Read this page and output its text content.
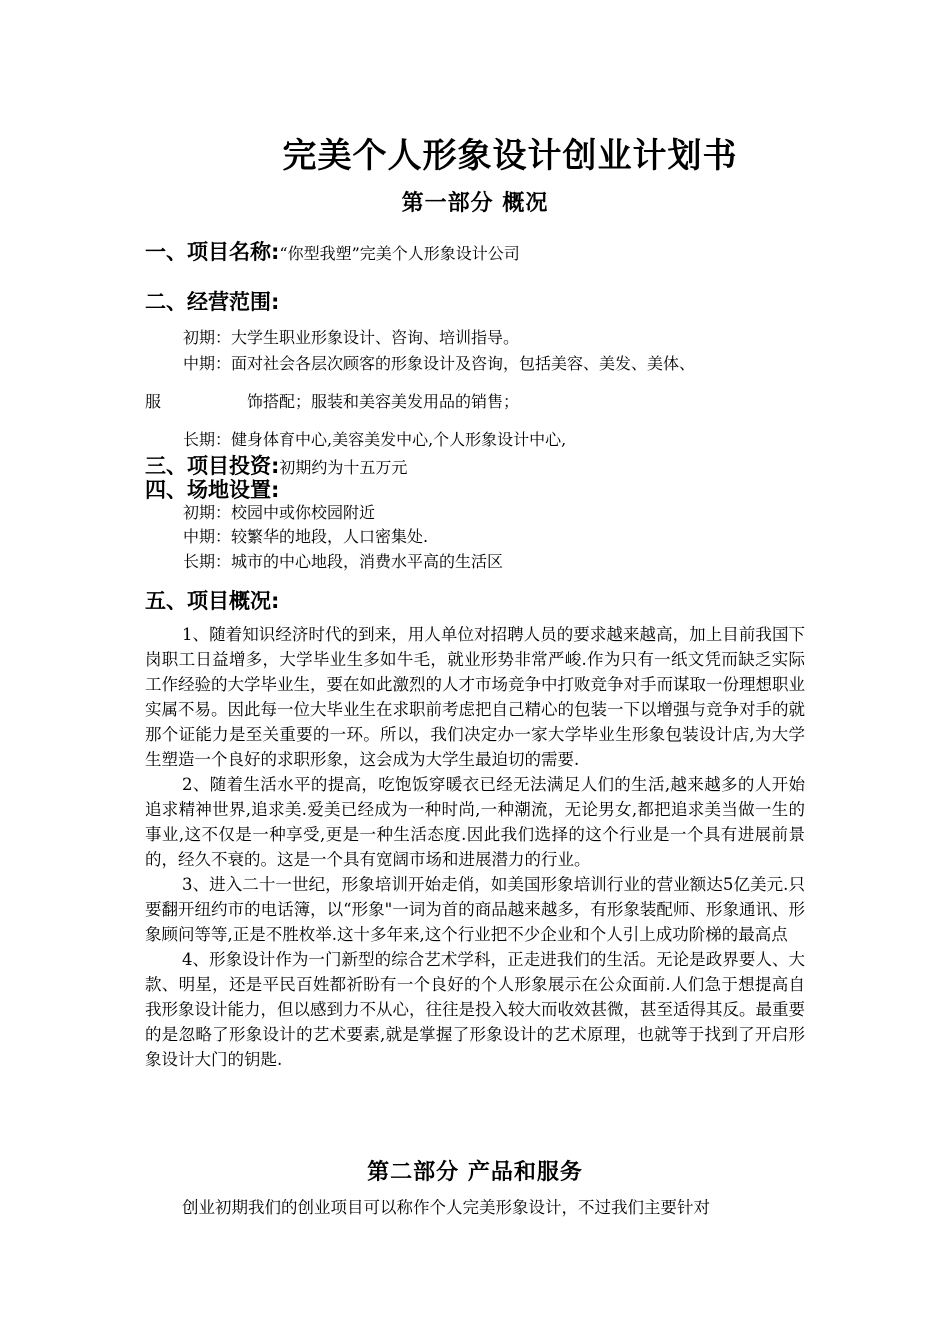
完美个人形象设计创业计划书
第一部分 概况
一、项目名称:“你型我塑”完美个人形象设计公司
二、经营范围:
初期：大学生职业形象设计、咨询、培训指导。
中期：面对社会各层次顾客的形象设计及咨询，包括美容、美发、美体、
服	饰搭配；服装和美容美发用品的销售；
长期：健身体育中心,美容美发中心,个人形象设计中心,
三、项目投资:初期约为十五万元
四、场地设置:
初期：校园中或你校园附近
中期：较繁华的地段，人口密集处.
长期：城市的中心地段，消费水平高的生活区
五、项目概况:

1、随着知识经济时代的到来，用人单位对招聘人员的要求越来越高，加上目前我国下岗职工日益增多，大学毕业生多如牛毛，就业形势非常严峻.作为只有一纸文凭而缺乏实际工作经验的大学毕业生，要在如此激烈的人才市场竞争中打败竞争对手而谋取一份理想职业实属不易。因此每一位大毕业生在求职前考虑把自己精心的包装一下以增强与竞争对手的就那个证能力是至关重要的一环。所以，我们决定办一家大学毕业生形象包装设计店,为大学生塑造一个良好的求职形象，这会成为大学生最迫切的需要.

2、随着生活水平的提高，吃饱饭穿暖衣已经无法满足人们的生活,越来越多的人开始追求精神世界,追求美.爱美已经成为一种时尚,一种潮流，无论男女,都把追求美当做一生的事业,这不仅是一种享受,更是一种生活态度.因此我们选择的这个行业是一个具有进展前景的，经久不衰的。这是一个具有宽阔市场和进展潜力的行业。

3、进入二十一世纪，形象培训开始走俏，如美国形象培训行业的营业额达5亿美元.只要翻开纽约市的电话簿，以“形象"一词为首的商品越来越多，有形象装配师、形象通讯、形象顾问等等,正是不胜枚举.这十多年来,这个行业把不少企业和个人引上成功阶梯的最高点

4、形象设计作为一门新型的综合艺术学科，正走进我们的生活。无论是政界要人、大款、明星，还是平民百姓都祈盼有一个良好的个人形象展示在公众面前.人们急于想提高自我形象设计能力，但以感到力不从心，往往是投入较大而收效甚微，甚至适得其反。最重要的是忽略了形象设计的艺术要素,就是掌握了形象设计的艺术原理，也就等于找到了开启形象设计大门的钥匙.

第二部分 产品和服务

创业初期我们的创业项目可以称作个人完美形象设计，不过我们主要针对
